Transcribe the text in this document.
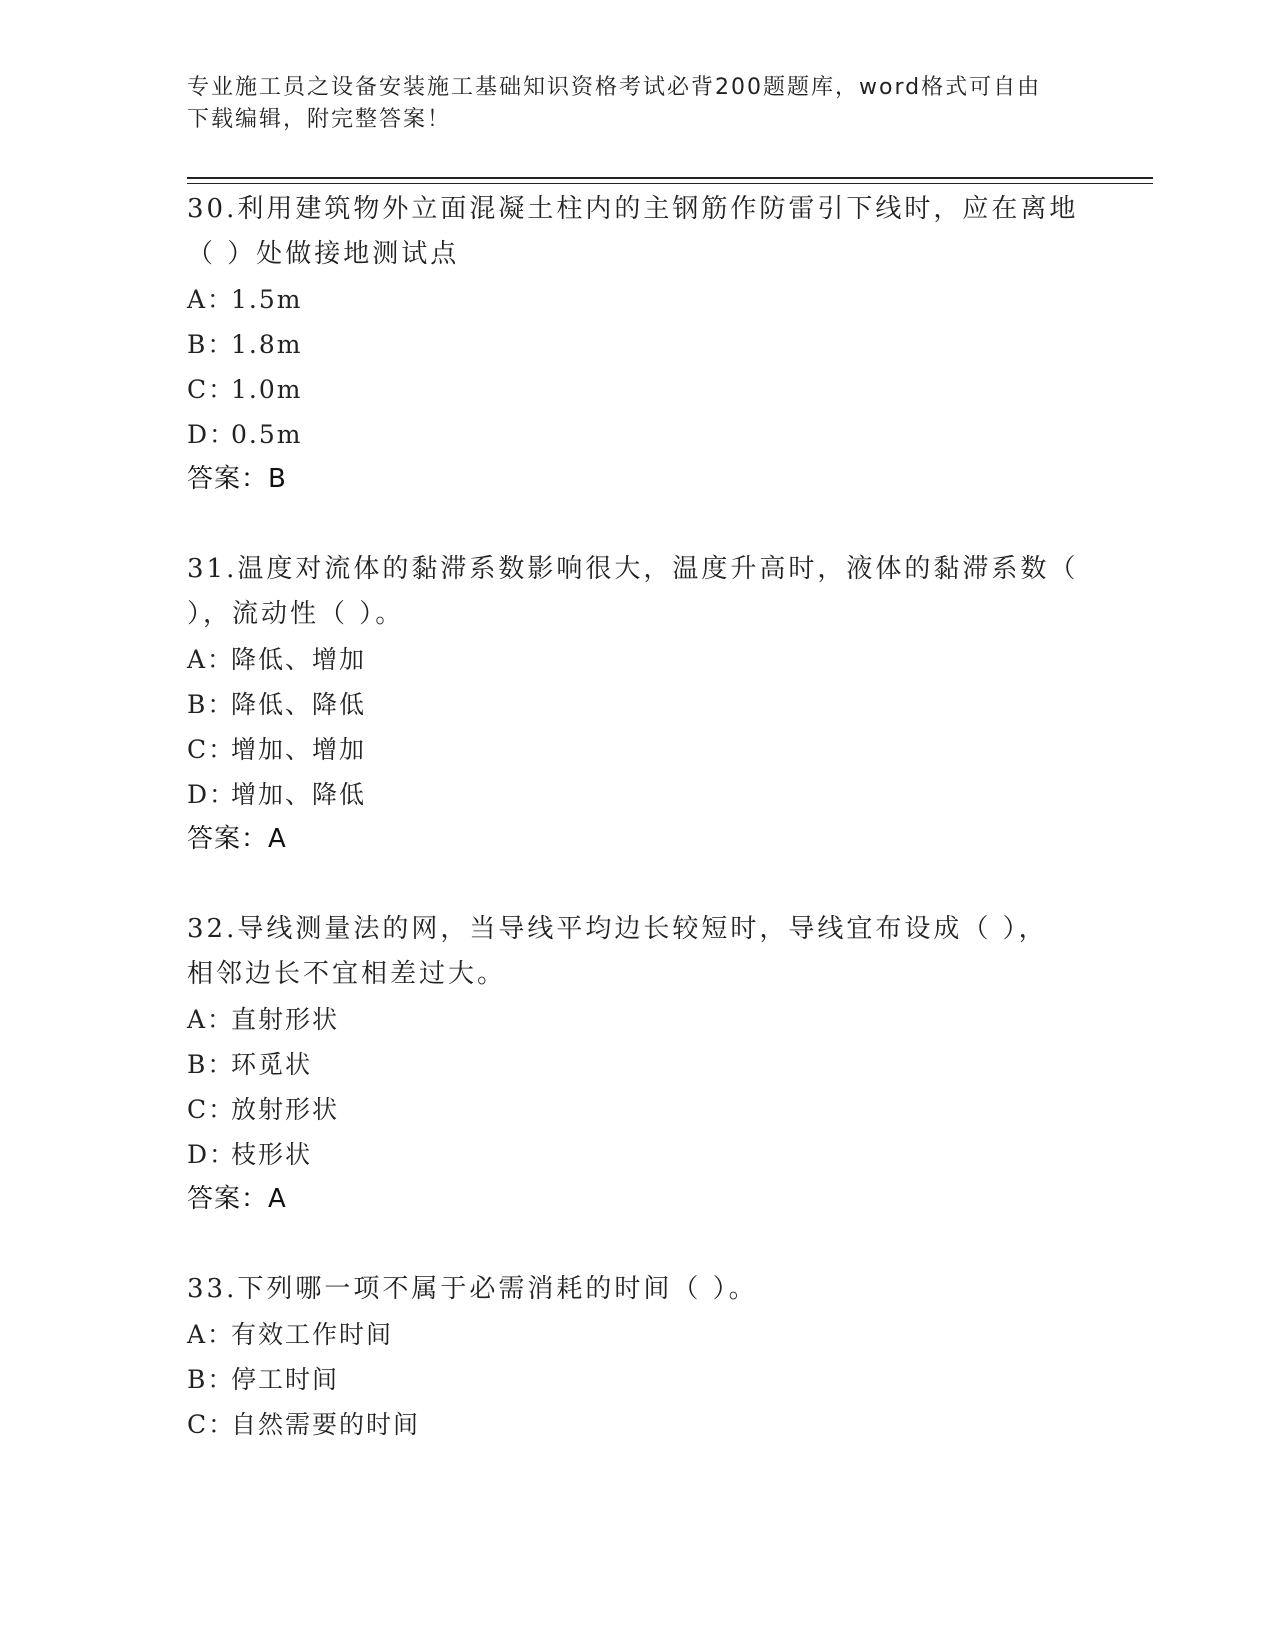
专业施工员之设备安装施工基础知识资格考试必背200题题库，word格式可自由
下载编辑，附完整答案！

30.利用建筑物外立面混凝土柱内的主钢筋作防雷引下线时，应在离地

（ ）处做接地测试点

A：1.5m
B：1.8m
C：1.0m
D：0.5m
答案：B

31.温度对流体的黏滞系数影响很大，温度升高时，液体的黏滞系数（

），流动性（ ）。

A：降低、增加
B：降低、降低
C：增加、增加
D：增加、降低
答案：A

32.导线测量法的网，当导线平均边长较短时，导线宜布设成（ ），

相邻边长不宜相差过大。

A：直射形状
B：环觅状
C：放射形状
D：枝形状
答案：A

33.下列哪一项不属于必需消耗的时间（ ）。

A：有效工作时间
B：停工时间
C：自然需要的时间
